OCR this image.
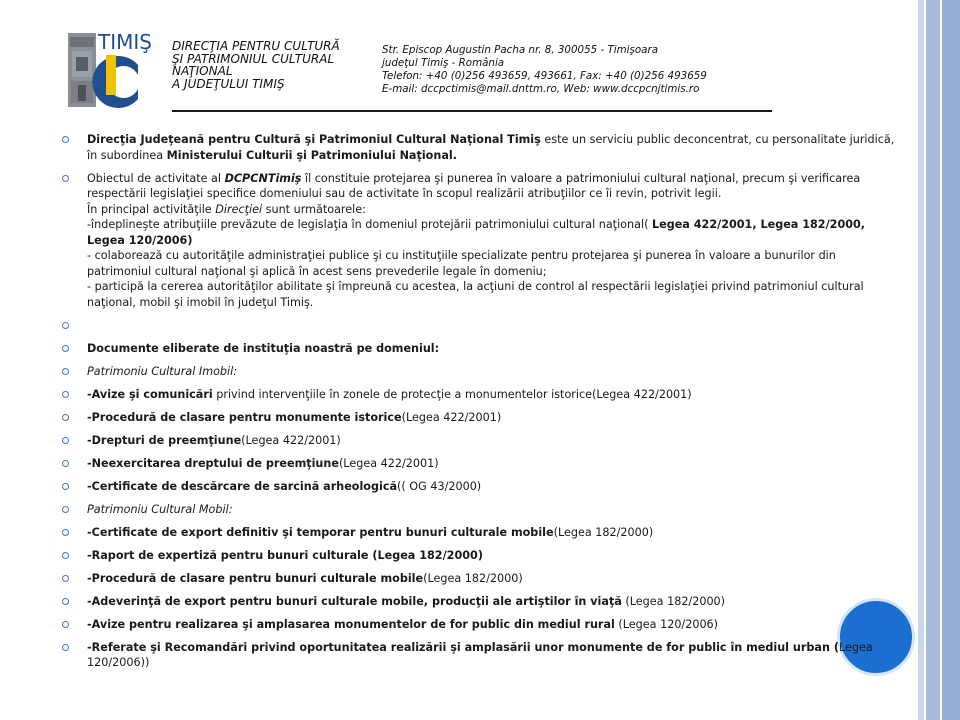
TIMIŞ DIRECŢIA PENTRU CULTURĂ
ŞI PATRIMONIUL CULTURAL
NAŢIONAL
A JUDEŢULUI TIMIŞ
Str. Episcop Augustin Pacha nr. 8, 300055 - Timişoara
judeţul Timiş - România
Telefon: +40 (0)256 493659, 493661, Fax: +40 (0)256 493659
E-mail: dccpctimis@mail.dnttm.ro, Web: www.dccpcnjtimis.ro
Direcţia Judeţeană pentru Cultură şi Patrimoniul Cultural Naţional Timiş este un serviciu public deconcentrat, cu personalitate juridică, în subordinea Ministerului Culturii şi Patrimoniului Naţional.
Obiectul de activitate al DCPCNTimiş îl constituie protejarea şi punerea în valoare a patrimoniului cultural naţional, precum şi verificarea respectării legislaţiei specifice domeniului sau de activitate în scopul realizării atribuţiilor ce îi revin, potrivit legii.
În principal activităţile Direcţiei sunt următoarele:
-îndeplineşte atribuţiile prevăzute de legislaţia în domeniul protejării patrimoniului cultural naţional( Legea 422/2001, Legea 182/2000, Legea 120/2006)
- colaborează cu autorităţile administraţiei publice şi cu instituţiile specializate pentru protejarea şi punerea în valoare a bunurilor din patrimoniul cultural naţional şi aplică în acest sens prevederile legale în domeniu;
- participă la cererea autorităţilor abilitate şi împreună cu acestea, la acţiuni de control al respectării legislaţiei privind patrimoniul cultural naţional, mobil şi imobil în judeţul Timiş.

Documente eliberate de instituţia noastră pe domeniul:
Patrimoniu Cultural Imobil:
-Avize şi comunicări privind intervenţiile în zonele de protecţie a monumentelor istorice(Legea 422/2001)
-Procedură de clasare pentru monumente istorice(Legea 422/2001)
-Drepturi de preemţiune(Legea 422/2001)
-Neexercitarea dreptului de preemţiune(Legea 422/2001)
-Certificate de descărcare de sarcină arheologică(( OG 43/2000)
Patrimoniu Cultural Mobil:
-Certificate de export definitiv şi temporar pentru bunuri culturale mobile(Legea 182/2000)
-Raport de expertiză pentru bunuri culturale (Legea 182/2000)
-Procedură de clasare pentru bunuri culturale mobile(Legea 182/2000)
-Adeverinţă de export pentru bunuri culturale mobile, producţii ale artiştilor în viaţă (Legea 182/2000)
-Avize pentru realizarea şi amplasarea monumentelor de for public din mediul rural (Legea 120/2006)
-Referate şi Recomandări privind oportunitatea realizării şi amplasării unor monumente de for public în mediul urban (Legea 120/2006))
